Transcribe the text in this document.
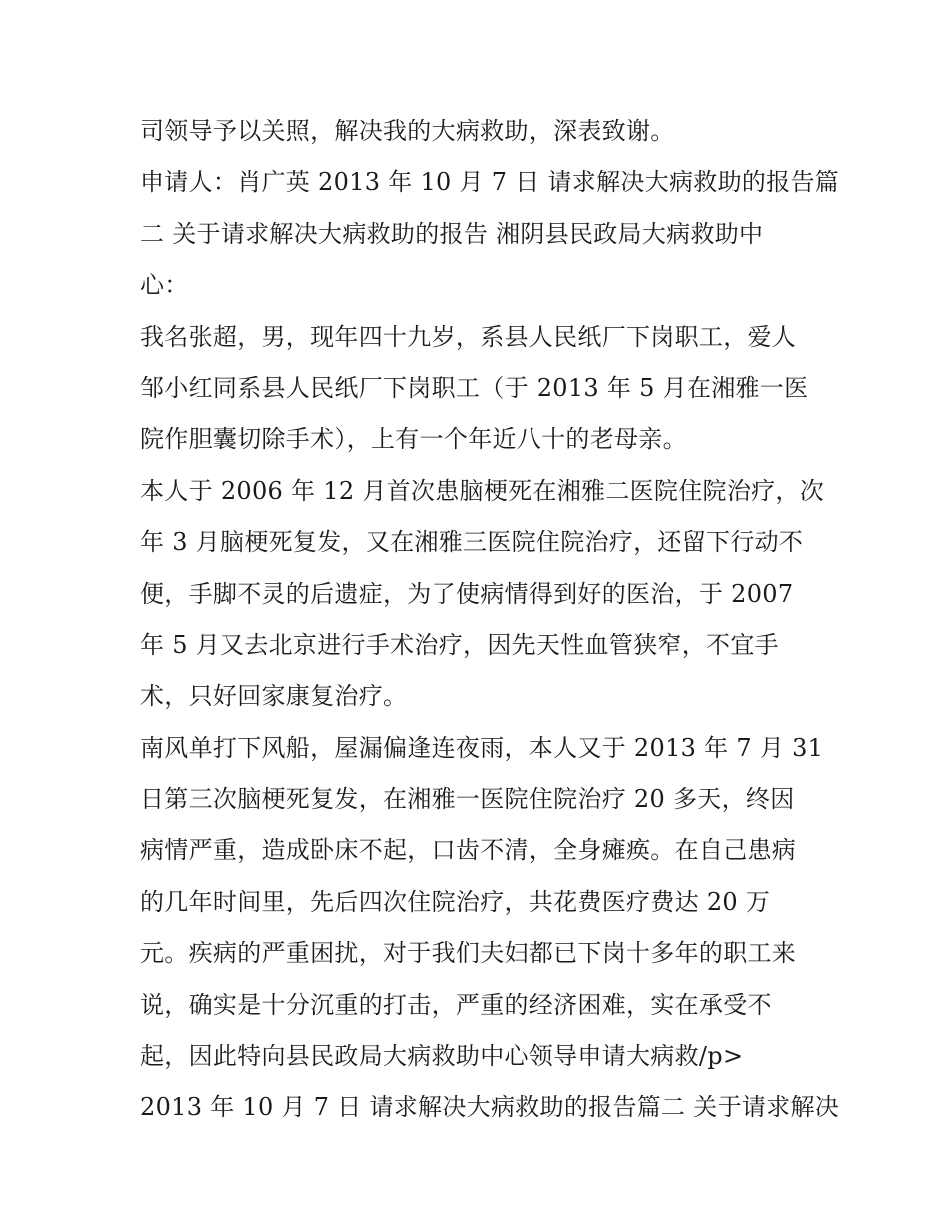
司领导予以关照，解决我的大病救助，深表致谢。
申请人：肖广英 2013 年 10 月 7 日 请求解决大病救助的报告篇
二 关于请求解决大病救助的报告 湘阴县民政局大病救助中
心：
我名张超，男，现年四十九岁，系县人民纸厂下岗职工，爱人
邹小红同系县人民纸厂下岗职工（于 2013 年 5 月在湘雅一医
院作胆囊切除手术），上有一个年近八十的老母亲。
本人于 2006 年 12 月首次患脑梗死在湘雅二医院住院治疗，次
年 3 月脑梗死复发，又在湘雅三医院住院治疗，还留下行动不
便，手脚不灵的后遗症，为了使病情得到好的医治，于 2007
年 5 月又去北京进行手术治疗，因先天性血管狭窄，不宜手
术，只好回家康复治疗。
南风单打下风船，屋漏偏逢连夜雨，本人又于 2013 年 7 月 31
日第三次脑梗死复发，在湘雅一医院住院治疗 20 多天，终因
病情严重，造成卧床不起，口齿不清，全身瘫痪。在自己患病
的几年时间里，先后四次住院治疗，共花费医疗费达 20 万
元。疾病的严重困扰，对于我们夫妇都已下岗十多年的职工来
说，确实是十分沉重的打击，严重的经济困难，实在承受不
起，因此特向县民政局大病救助中心领导申请大病救/p>
2013 年 10 月 7 日 请求解决大病救助的报告篇二 关于请求解决
